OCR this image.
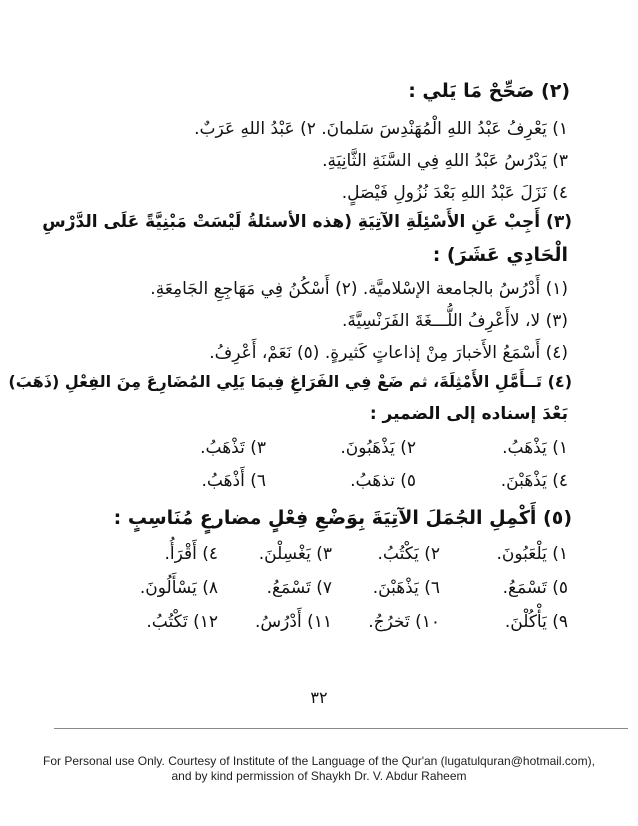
(٢) صَحِّحْ مَا يَلي :
١) يَعْرِفُ عَبْدُ اللهِ الْمُهَنْدِسَ سَلمانَ. ٢) عَبْدُ اللهِ عَرَبٌ.
٣) يَدْرُسُ عَبْدُ اللهِ فِي السَّنَةِ الثَّانِيَةِ.
٤) نَزَلَ عَبْدُ اللهِ بَعْدَ نُزُولِ فَيْصَلٍ.
(٣) أَجِبْ عَنِ الأَسْئِلَةِ الآتِيَةِ (هذه الأسئلةُ لَيْسَتْ مَبْنِيَّةً عَلَى الدَّرْسِ
الْحَادِي عَشَرَ) :
(١) أَدْرُسُ بالجامعة الإسْلاميَّة. (٢) أَسْكُنُ فِي مَهَاجِعِ الجَامِعَةِ.
(٣) لا، لاأَعْرِفُ اللُّـــغَةَ الفَرَنْسِيَّةَ.
(٤) أَسْمَعُ الأَخبارَ مِنْ إذاعاتٍ كَثيرةٍ. (٥) نَعَمْ، أَعْرِفُ.
(٤) تَــأَمَّلِ الأَمْثِلَةَ، ثم ضَعْ فِي الفَرَاغِ فِيمَا يَلِي المُضَارِعَ مِنَ الفِعْلِ (ذَهَبَ)
بَعْدَ إسناده إلى الضمير :
١) يَذْهَبُ.
٢) يَذْهَبُونَ.
٣) تَذْهَبُ.
٤) يَذْهَبْنَ.
٥) تذهَبُ.
٦) أَذْهَبُ.
(٥) أَكْمِلِ الجُمَلَ الآتِيَةَ بِوَضْعِ فِعْلٍ مضارعٍ مُنَاسِبٍ :
١) يَلْعَبُونَ.
٢) يَكْتُبُ.
٣) يَغْسِلْنَ.
٤) أَقْرَأُ.
٥) تَسْمَعُ.
٦) يَذْهَبْنَ.
٧) تَسْمَعُ.
٨) يَسْأَلُونَ.
٩) يَأْكُلْنَ.
١٠) تَخرُجُ.
١١) أَدْرُسُ.
١٢) تَكْتُبُ.
٣٢
For Personal use Only. Courtesy of Institute of the Language of the Qur'an (lugatulquran@hotmail.com),
and by kind permission of Shaykh Dr. V. Abdur Raheem
